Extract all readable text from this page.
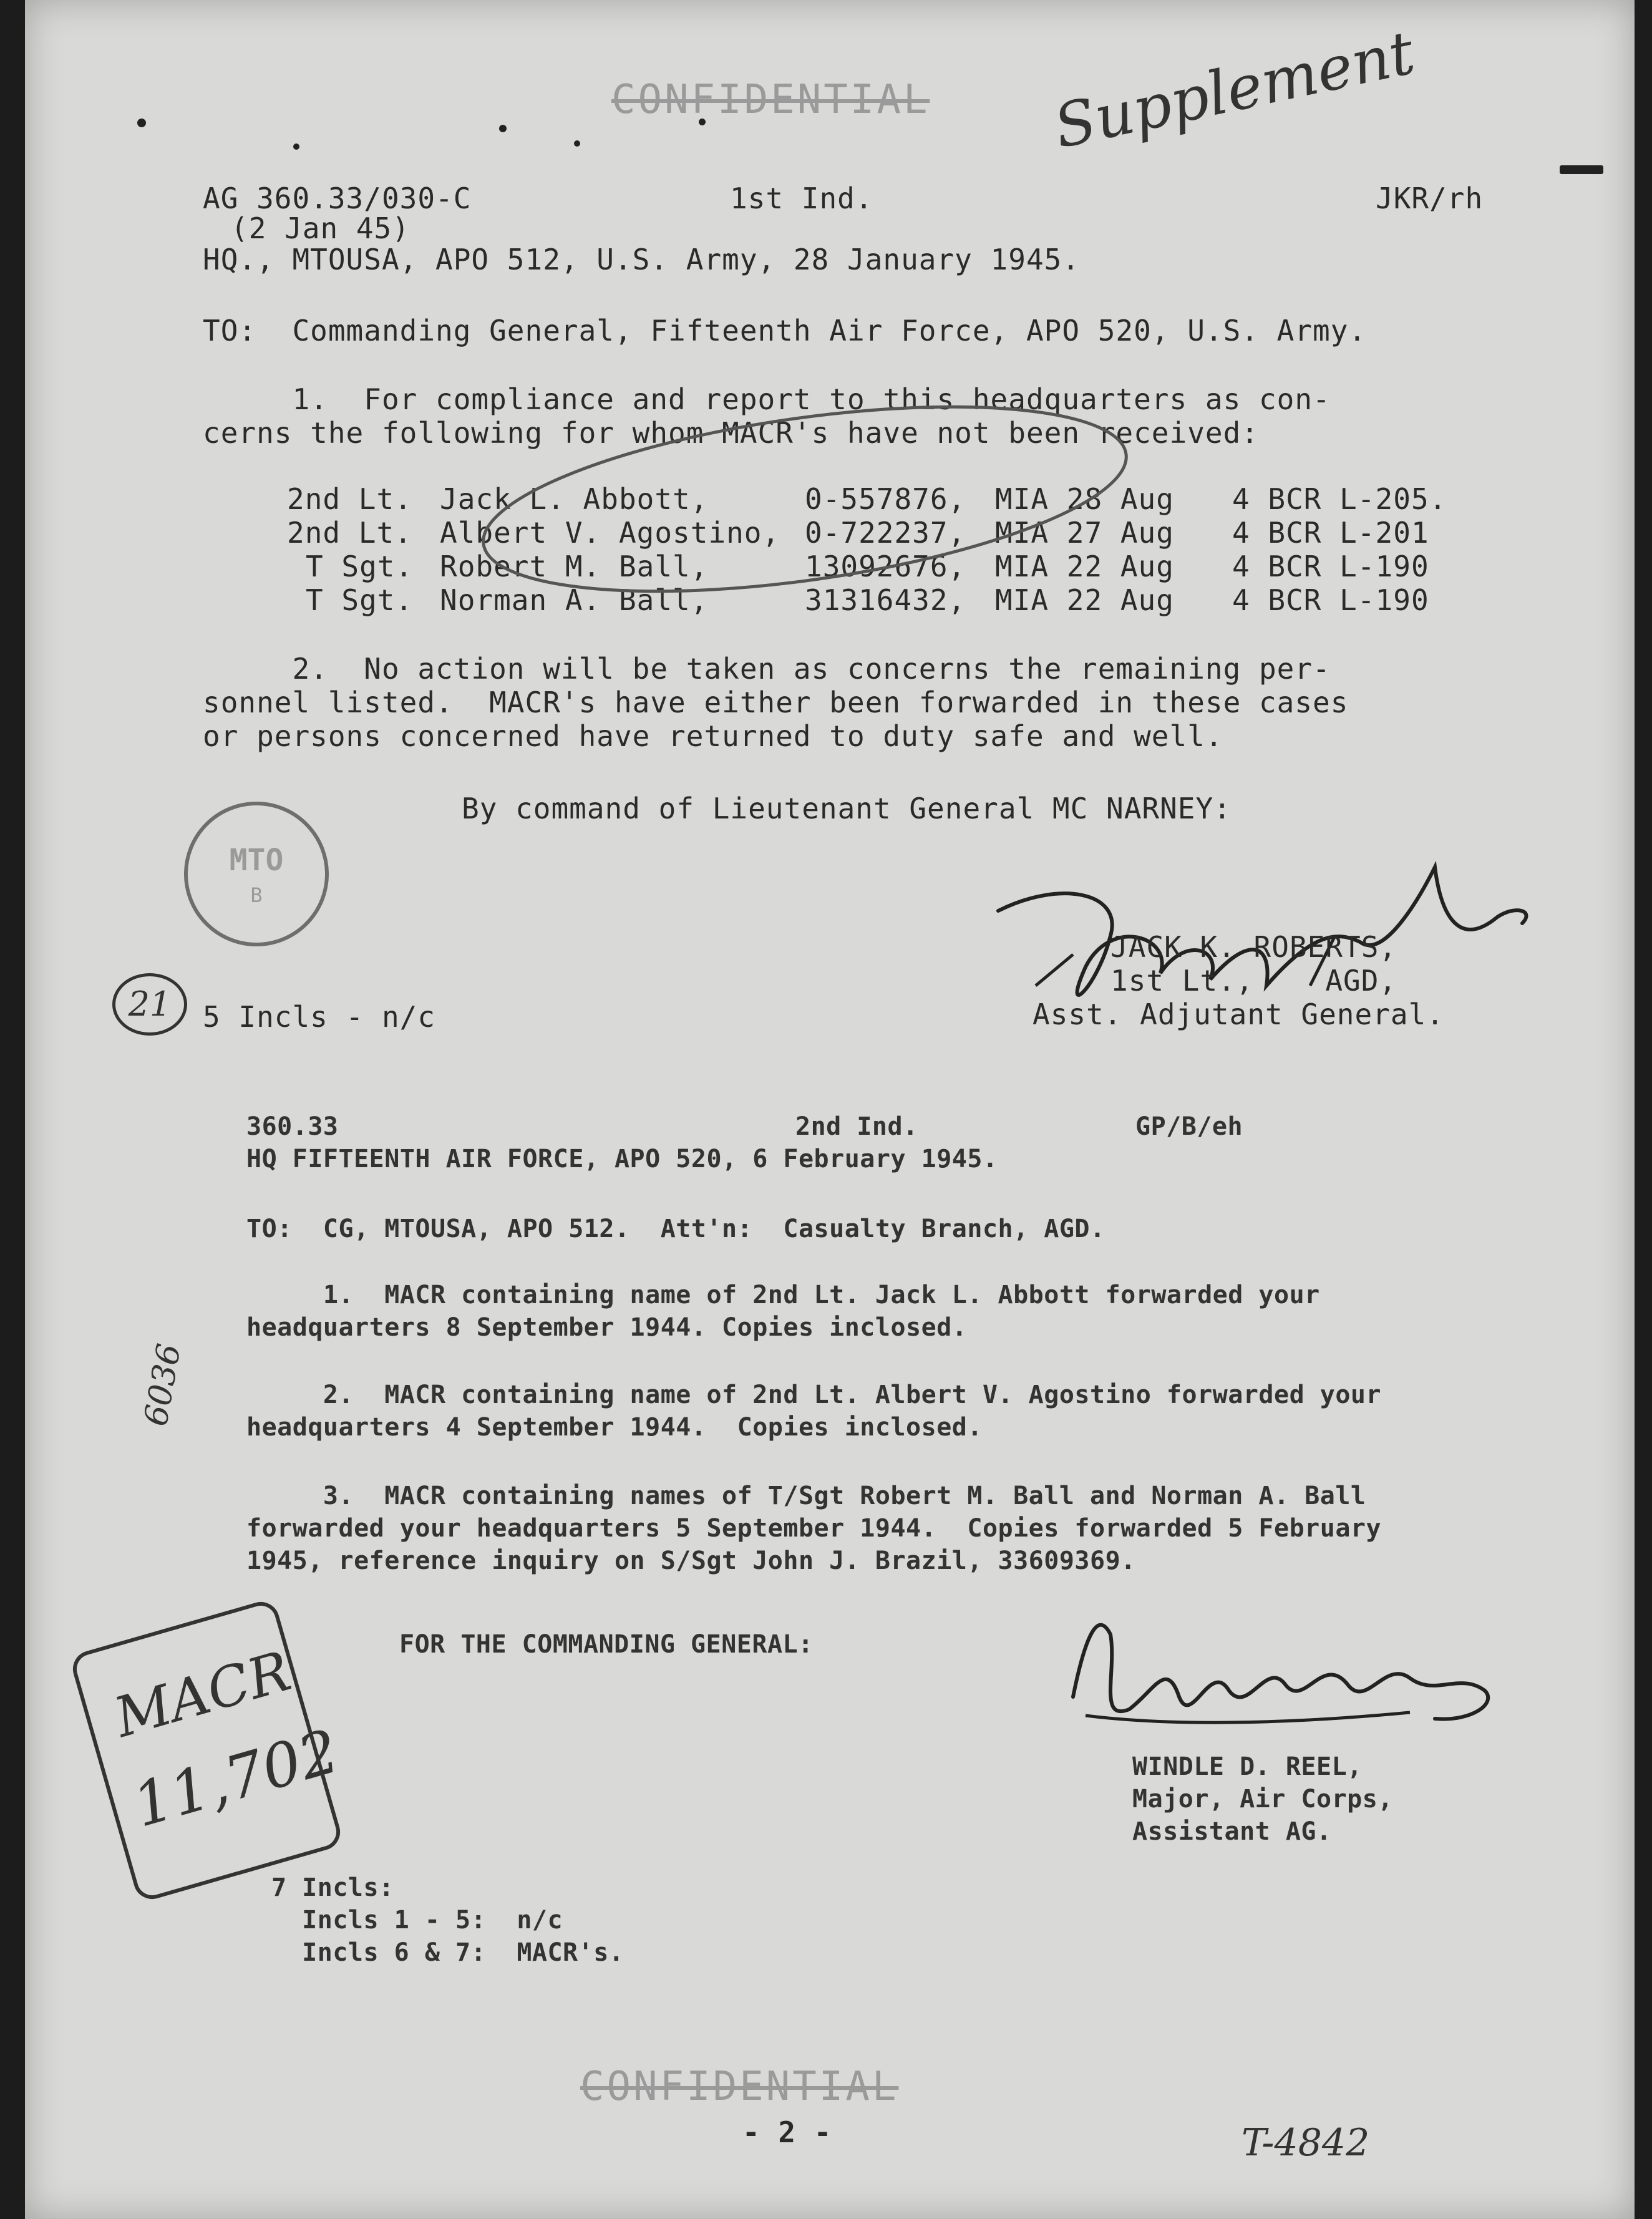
CONFIDENTIAL Supplement
AG 360.33/030-C	1st Ind.	JKR/rh
(2 Jan 45)
HQ., MTOUSA, APO 512, U.S. Army, 28 January 1945.
TO:  Commanding General, Fifteenth Air Force, APO 520, U.S. Army.
1.  For compliance and report to this headquarters as con-
cerns the following for whom MACR's have not been received:
2nd Lt. Jack L. Abbott,	0-557876, MIA 28 Aug 4 BCR L-205.
2nd Lt. Albert V. Agostino, 0-722237, MIA 27 Aug 4 BCR L-201
T Sgt. Robert M. Ball,	13092676, MIA 22 Aug 4 BCR L-190
T Sgt. Norman A. Ball,	31316432, MIA 22 Aug 4 BCR L-190
2.  No action will be taken as concerns the remaining per-
sonnel listed.  MACR's have either been forwarded in these cases
or persons concerned have returned to duty safe and well.
By command of Lieutenant General MC NARNEY:

MTO

B

JACK K. ROBERTS,
1st Lt.,    AGD,
Asst. Adjutant General.
21	5 Incls - n/c
360.33	2nd Ind.	GP/B/eh
HQ FIFTEENTH AIR FORCE, APO 520, 6 February 1945.
TO:  CG, MTOUSA, APO 512.  Att'n:  Casualty Branch, AGD.
1.  MACR containing name of 2nd Lt. Jack L. Abbott forwarded your
headquarters 8 September 1944. Copies inclosed.
2.  MACR containing name of 2nd Lt. Albert V. Agostino forwarded your
headquarters 4 September 1944.  Copies inclosed.
3.  MACR containing names of T/Sgt Robert M. Ball and Norman A. Ball
forwarded your headquarters 5 September 1944.  Copies forwarded 5 February
1945, reference inquiry on S/Sgt John J. Brazil, 33609369.
6036
FOR THE COMMANDING GENERAL:

MACR

11,702

	WINDLE D. REEL,
Major, Air Corps,
Assistant AG.
7 Incls:
Incls 1 - 5:  n/c
Incls 6 & 7:  MACR's.
CONFIDENTIAL
- 2 -	T-4842
